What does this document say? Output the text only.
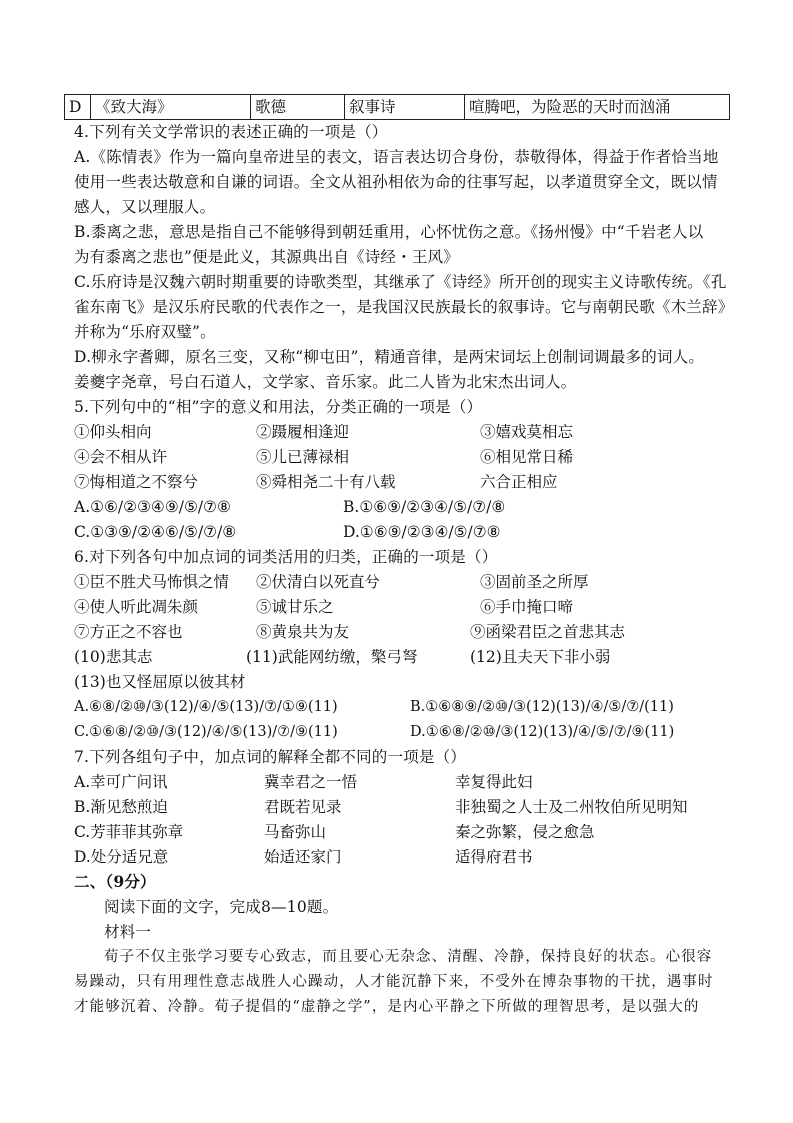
D 《致大海》	歌德	叙事诗	喧腾吧，为险恶的天时而汹涌
4.下列有关文学常识的表述正确的一项是（）
A.《陈情表》作为一篇向皇帝进呈的表文，语言表达切合身份，恭敬得体，得益于作者恰当地
使用一些表达敬意和自谦的词语。全文从祖孙相依为命的往事写起，以孝道贯穿全文，既以情
感人，又以理服人。
B.黍离之悲，意思是指自己不能够得到朝廷重用，心怀忧伤之意。《扬州慢》中“千岩老人以
为有黍离之悲也”便是此义，其源典出自《诗经・王风》
C.乐府诗是汉魏六朝时期重要的诗歌类型，其继承了《诗经》所开创的现实主义诗歌传统。《孔
雀东南飞》是汉乐府民歌的代表作之一，是我国汉民族最长的叙事诗。它与南朝民歌《木兰辞》
并称为“乐府双璧”。
D.柳永字耆卿，原名三变，又称“柳屯田”，精通音律，是两宋词坛上创制词调最多的词人。
姜夔字尧章，号白石道人，文学家、音乐家。此二人皆为北宋杰出词人。
5.下列句中的“相”字的意义和用法，分类正确的一项是（）
①仰头相向	②蹑履相逢迎	③嬉戏莫相忘
④会不相从许	⑤儿已薄禄相	⑥相见常日稀
⑦悔相道之不察兮	⑧舜相尧二十有八载	六合正相应
A.①⑥/②③④⑨/⑤/⑦⑧	B.①⑥⑨/②③④/⑤/⑦/⑧
C.①③⑨/②④⑥/⑤/⑦/⑧	D.①⑥⑨/②③④/⑤/⑦⑧
6.对下列各句中加点词的词类活用的归类，正确的一项是（）
①臣不胜犬马怖惧之情 ②伏清白以死直兮	③固前圣之所厚
④使人听此凋朱颜	⑤诚甘乐之	⑥手巾掩口啼
⑦方正之不容也	⑧黄泉共为友	⑨函梁君臣之首悲其志
(10)悲其志	(11)武能网纺缴，檠弓弩	(12)且夫天下非小弱
(13)也又怪屈原以彼其材
A.⑥⑧/②⑩/③(12)/④/⑤(13)/⑦/①⑨(11)	B.①⑥⑧⑨/②⑩/③(12)(13)/④/⑤/⑦/(11)
C.①⑥⑧/②⑩/③(12)/④/⑤(13)/⑦/⑨(11)	D.①⑥⑧/②⑩/③(12)(13)/④/⑤/⑦/⑨(11)
7.下列各组句子中，加点词的解释全都不同的一项是（）
A.幸可广问讯	冀幸君之一悟	幸复得此妇
B.渐见愁煎迫	君既若见录	非独蜀之人士及二州牧伯所见明知
C.芳菲菲其弥章	马畜弥山	秦之弥繁，侵之愈急
D.处分适兄意	始适还家门	适得府君书
二、（9分）
阅读下面的文字，完成8—10题。
材料一
荀子不仅主张学习要专心致志，而且要心无杂念、清醒、冷静，保持良好的状态。心很容
易躁动，只有用理性意志战胜人心躁动，人才能沉静下来，不受外在博杂事物的干扰，遇事时
才能够沉着、冷静。荀子提倡的“虚静之学”，是内心平静之下所做的理智思考，是以强大的
